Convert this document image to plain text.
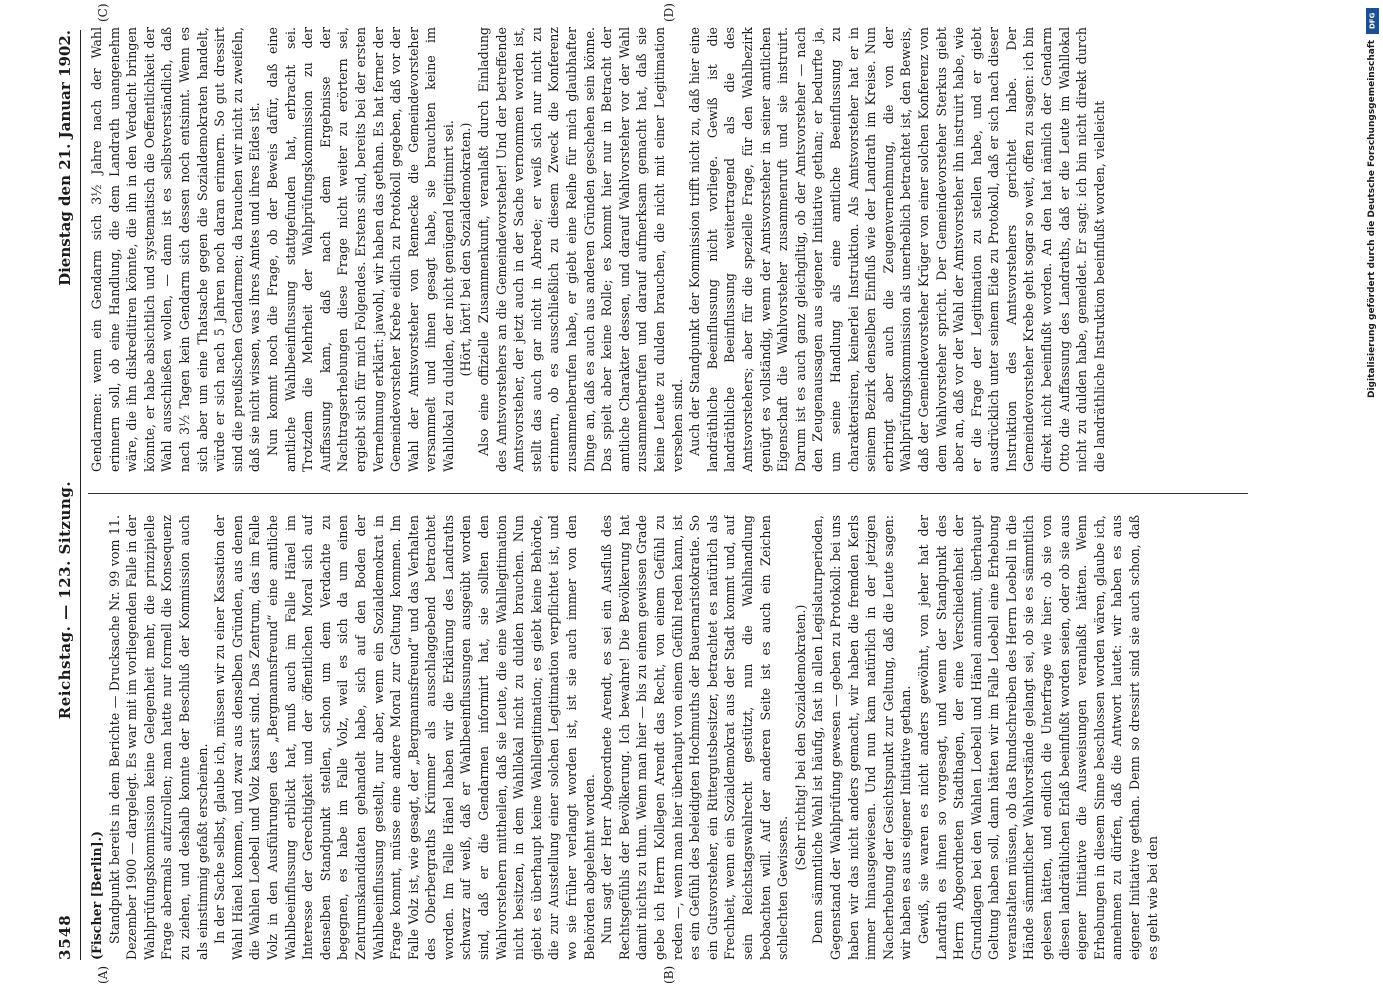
3548
Reichstag. — 123. Sitzung.
Dienstag den 21. Januar 1902.
(A)	(B)
(C)	(D)

(Fischer [Berlin].) Standpunkt bereits in dem Berichte — Drucksache Nr. 99 vom 11. Dezember 1900 — dargelegt. Es war mit im vorliegenden Falle in der Wahlprüfungskommission keine Gelegenheit mehr, die prinzipielle Frage abermals aufzurollen; man hatte nur formell die Konsequenz zu ziehen, und deshalb konnte der Beschluß der Kommission auch als einstimmig gefaßt erscheinen. In der Sache selbst, glaube ich, müssen wir zu einer Kassation der Wahl Hänel kommen, und zwar aus denselben Gründen, aus denen die Wahlen Loebell und Volz kassirt sind. Das Zentrum, das im Falle Volz in den Ausführungen des „Bergmannsfreund“ eine amtliche Wahlbeeinflussung erblickt hat, muß auch im Falle Hänel im Interesse der Gerechtigkeit und der öffentlichen Moral sich auf denselben Standpunkt stellen, schon um dem Verdachte zu begegnen, es habe im Falle Volz, weil es sich da um einen Zentrumskandidaten gehandelt habe, sich auf den Boden der Wahlbeeinflussung gestellt, nur aber, wenn ein Sozialdemokrat in Frage kommt, müsse eine andere Moral zur Geltung kommen. Im Falle Volz ist, wie gesagt, der „Bergmannsfreund“ und das Verhalten des Oberbergraths Krümmer als ausschlaggebend betrachtet worden. Im Falle Hänel haben wir die Erklärung des Landraths schwarz auf weiß, daß er Wahlbeeinflussungen ausgeübt worden sind, daß er die Gendarmen informirt hat, sie sollten den Wahlvorstehern mittheilen, daß sie Leute, die eine Wahllegitimation nicht besitzen, in dem Wahllokal nicht zu dulden brauchen. Nun giebt es überhaupt keine Wahllegitimation; es giebt keine Behörde, die zur Ausstellung einer solchen Legitimation verpflichtet ist, und wo sie früher verlangt worden ist, ist sie auch immer von den Behörden abgelehnt worden. Nun sagt der Herr Abgeordnete Arendt, es sei ein Ausfluß des Rechtsgefühls der Bevölkerung. Ich bewahre! Die Bevölkerung hat damit nichts zu thun. Wenn man hier — bis zu einem gewissen Grade gebe ich Herrn Kollegen Arendt das Recht, von einem Gefühl zu reden —, wenn man hier überhaupt von einem Gefühl reden kann, ist es ein Gefühl des beleidigten Hochmuths der Bauernaristokratie. So ein Gutsvorsteher, ein Rittergutsbesitzer, betrachtet es natürlich als Frechheit, wenn ein Sozialdemokrat aus der Stadt kommt und, auf sein Reichstagswahlrecht gestützt, nun die Wahlhandlung beobachten will. Auf der anderen Seite ist es auch ein Zeichen schlechten Gewissens.

(Sehr richtig! bei den Sozialdemokraten.) Denn sämmtliche Wahl ist häufig, fast in allen Legislaturperioden, Gegenstand der Wahlprüfung gewesen — geben zu Protokoll: bei uns haben wir das nicht anders gemacht, wir haben die fremden Kerls immer hinausgewiesen. Und nun kam natürlich in der jetzigen Nacherhebung der Gesichtspunkt zur Geltung, daß die Leute sagen: wir haben es aus eigener Initiative gethan. Gewiß, sie waren es nicht anders gewöhnt, von jeher hat der Landrath es ihnen so vorgesagt, und wenn der Standpunkt des Herrn Abgeordneten Stadthagen, der eine Verschiedenheit der Grundlagen bei den Wahlen Loebell und Hänel annimmt, überhaupt Geltung haben soll, dann hätten wir im Falle Loebell eine Erhebung veranstalten müssen, ob das Rundschreiben des Herrn Loebell in die Hände sämmtlicher Wahlvorstände gelangt sei, ob sie es sämmtlich gelesen hätten, und endlich die Unterfrage wie hier: ob sie von diesen landräthlichen Erlaß beeinflußt worden seien, oder ob sie aus eigener Initiative die Ausweisungen veranlaßt hätten. Wenn Erhebungen in diesem Sinne beschlossen worden wären, glaube ich, annehmen zu dürfen, daß die Antwort lautet: wir haben es aus eigener Initiative gethan. Denn so dressirt sind sie auch schon, daß es geht wie bei den

Gendarmen: wenn ein Gendarm sich 3½ Jahre nach der Wahl erinnern soll, ob eine Handlung, die dem Landrath unangenehm wäre, die ihn diskreditiren könnte, die ihn in den Verdacht bringen könnte, er habe absichtlich und systematisch die Oeffentlichkeit der Wahl ausschließen wollen, — dann ist es selbstverständlich, daß nach 3½ Tagen kein Gendarm sich dessen noch entsinnt. Wenn es sich aber um eine Thatsache gegen die Sozialdemokraten handelt, würde er sich nach 5 Jahren noch daran erinnern. So gut dressirt sind die preußischen Gendarmen; da brauchen wir nicht zu zweifeln, daß sie nicht wissen, was ihres Amtes und ihres Eides ist. Nun kommt noch die Frage, ob der Beweis dafür, daß eine amtliche Wahlbeeinflussung stattgefunden hat, erbracht sei. Trotzdem die Mehrheit der Wahlprüfungskommission zu der Auffassung kam, daß nach dem Ergebnisse der Nachtragserhebungen diese Frage nicht weiter zu erörtern sei, ergiebt sich für mich Folgendes. Erstens sind, bereits bei der ersten Vernehmung erklärt: jawohl, wir haben das gethan. Es hat ferner der Gemeindevorsteher Krebe eidlich zu Protokoll gegeben, daß vor der Wahl der Amtsvorsteher von Rennecke die Gemeindevorsteher versammelt und ihnen gesagt habe, sie brauchten keine im Wahllokal zu dulden, der nicht genügend legitimirt sei. (Hört, hört! bei den Sozialdemokraten.) Also eine offizielle Zusammenkunft, veranlaßt durch Einladung des Amtsvorstehers an die Gemeindevorsteher! Und der betreffende Amtsvorsteher, der jetzt auch in der Sache vernommen worden ist, stellt das auch gar nicht in Abrede; er weiß sich nur nicht zu erinnern, ob es ausschließlich zu diesem Zweck die Konferenz zusammenberufen habe, er giebt eine Reihe für mich glaubhafter Dinge an, daß es auch aus anderen Gründen geschehen sein könne. Das spielt aber keine Rolle; es kommt hier nur in Betracht der amtliche Charakter dessen, und darauf Wahlvorsteher vor der Wahl zusammenberufen und darauf aufmerksam gemacht hat, daß sie keine Leute zu dulden brauchen, die nicht mit einer Legitimation versehen sind. Auch der Standpunkt der Kommission trifft nicht zu, daß hier eine landräthliche Beeinflussung nicht vorliege. Gewiß ist die landräthliche Beeinflussung weitertragend als die des Amtsvorstehers; aber für die spezielle Frage, für den Wahlbezirk genügt es vollständig, wenn der Amtsvorsteher in seiner amtlichen Eigenschaft die Wahlvorsteher zusammenruft und sie instruirt. Darum ist es auch ganz gleichgiltig, ob der Amtsvorsteher — nach den Zeugenaussagen aus eigener Initiative gethan; er bedurfte ja, um seine Handlung als eine amtliche Beeinflussung zu charakterisiren, keinerlei Instruktion. Als Amtsvorsteher hat er in seinem Bezirk denselben Einfluß wie der Landrath im Kreise. Nun erbringt aber auch die Zeugenvernehmung, die von der Wahlprüfungskommission als unerheblich betrachtet ist, den Beweis, daß der Gemeindevorsteher Krüger von einer solchen Konferenz von dem Wahlvorsteher spricht. Der Gemeindevorsteher Sterkus giebt aber an, daß vor der Wahl der Amtsvorsteher ihn instruirt habe, wie er die Frage der Legitimation zu stellen habe, und er giebt ausdrücklich unter seinem Eide zu Protokoll, daß er sich nach dieser Instruktion des Amtsvorstehers gerichtet habe. Der Gemeindevorsteher Krebe geht sogar so weit, offen zu sagen: ich bin direkt nicht beeinflußt worden. An den hat nämlich der Gendarm Otto die Auffassung des Landraths, daß er die Leute im Wahllokal nicht zu dulden habe, gemeldet. Er sagt: ich bin nicht direkt durch die landräthliche Instruktion beeinflußt worden, vielleicht

DFG
Digitalisierung gefördert durch die Deutsche Forschungsgemeinschaft
